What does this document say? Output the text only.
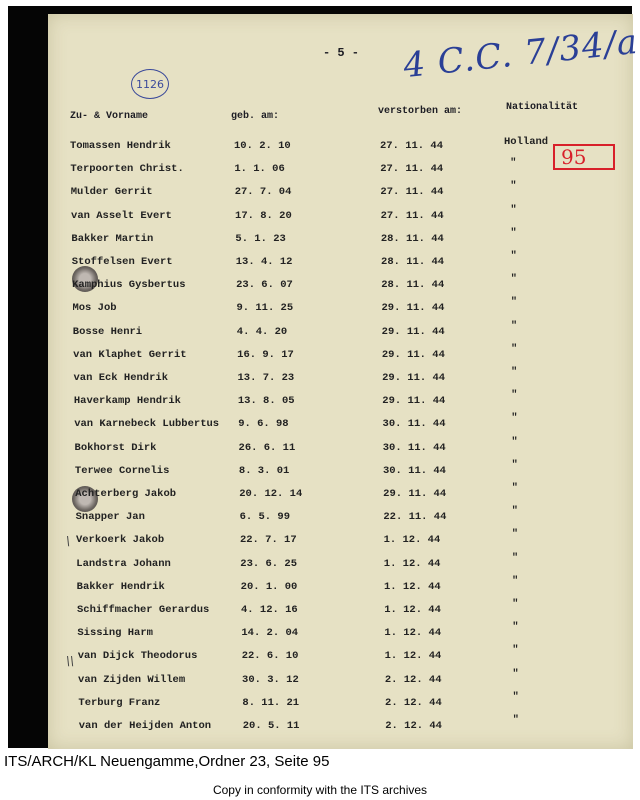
- 5 - 4 C.C. 7/34/a
1126
95
Zu- & Vorname	geb. am:	verstorben am:	Nationalität
\
\\
Tomassen Hendrik	10. 2. 10	27. 11. 44	Holland
Terpoorten Christ.	1. 1. 06	27. 11. 44	"
Mulder Gerrit	27. 7. 04	27. 11. 44	"
van Asselt Evert	17. 8. 20	27. 11. 44	"
Bakker Martin	5. 1. 23	28. 11. 44	"
Stoffelsen Evert	13. 4. 12	28. 11. 44	"
Kamphius Gysbertus	23. 6. 07	28. 11. 44	"
Mos Job	9. 11. 25	29. 11. 44	"
Bosse Henri	4. 4. 20	29. 11. 44	"
van Klaphet Gerrit	16. 9. 17	29. 11. 44	"
van Eck Hendrik	13. 7. 23	29. 11. 44	"
Haverkamp Hendrik	13. 8. 05	29. 11. 44	"
van Karnebeck Lubbertus 9. 6. 98	30. 11. 44	"
Bokhorst Dirk	26. 6. 11	30. 11. 44	"
Terwee Cornelis	8. 3. 01	30. 11. 44	"
Achterberg Jakob	20. 12. 14	29. 11. 44	"
Snapper Jan	6. 5. 99	22. 11. 44	"
Verkoerk Jakob	22. 7. 17	1. 12. 44	"
Landstra Johann	23. 6. 25	1. 12. 44	"
Bakker Hendrik	20. 1. 00	1. 12. 44	"
Schiffmacher Gerardus	4. 12. 16	1. 12. 44	"
Sissing Harm	14. 2. 04	1. 12. 44	"
van Dijck Theodorus	22. 6. 10	1. 12. 44	"
van Zijden Willem	30. 3. 12	2. 12. 44	"
Terburg Franz	8. 11. 21	2. 12. 44	"
van der Heijden Anton	20. 5. 11	2. 12. 44	"
ITS/ARCH/KL Neuengamme,Ordner 23, Seite 95
Copy in conformity with the ITS archives
